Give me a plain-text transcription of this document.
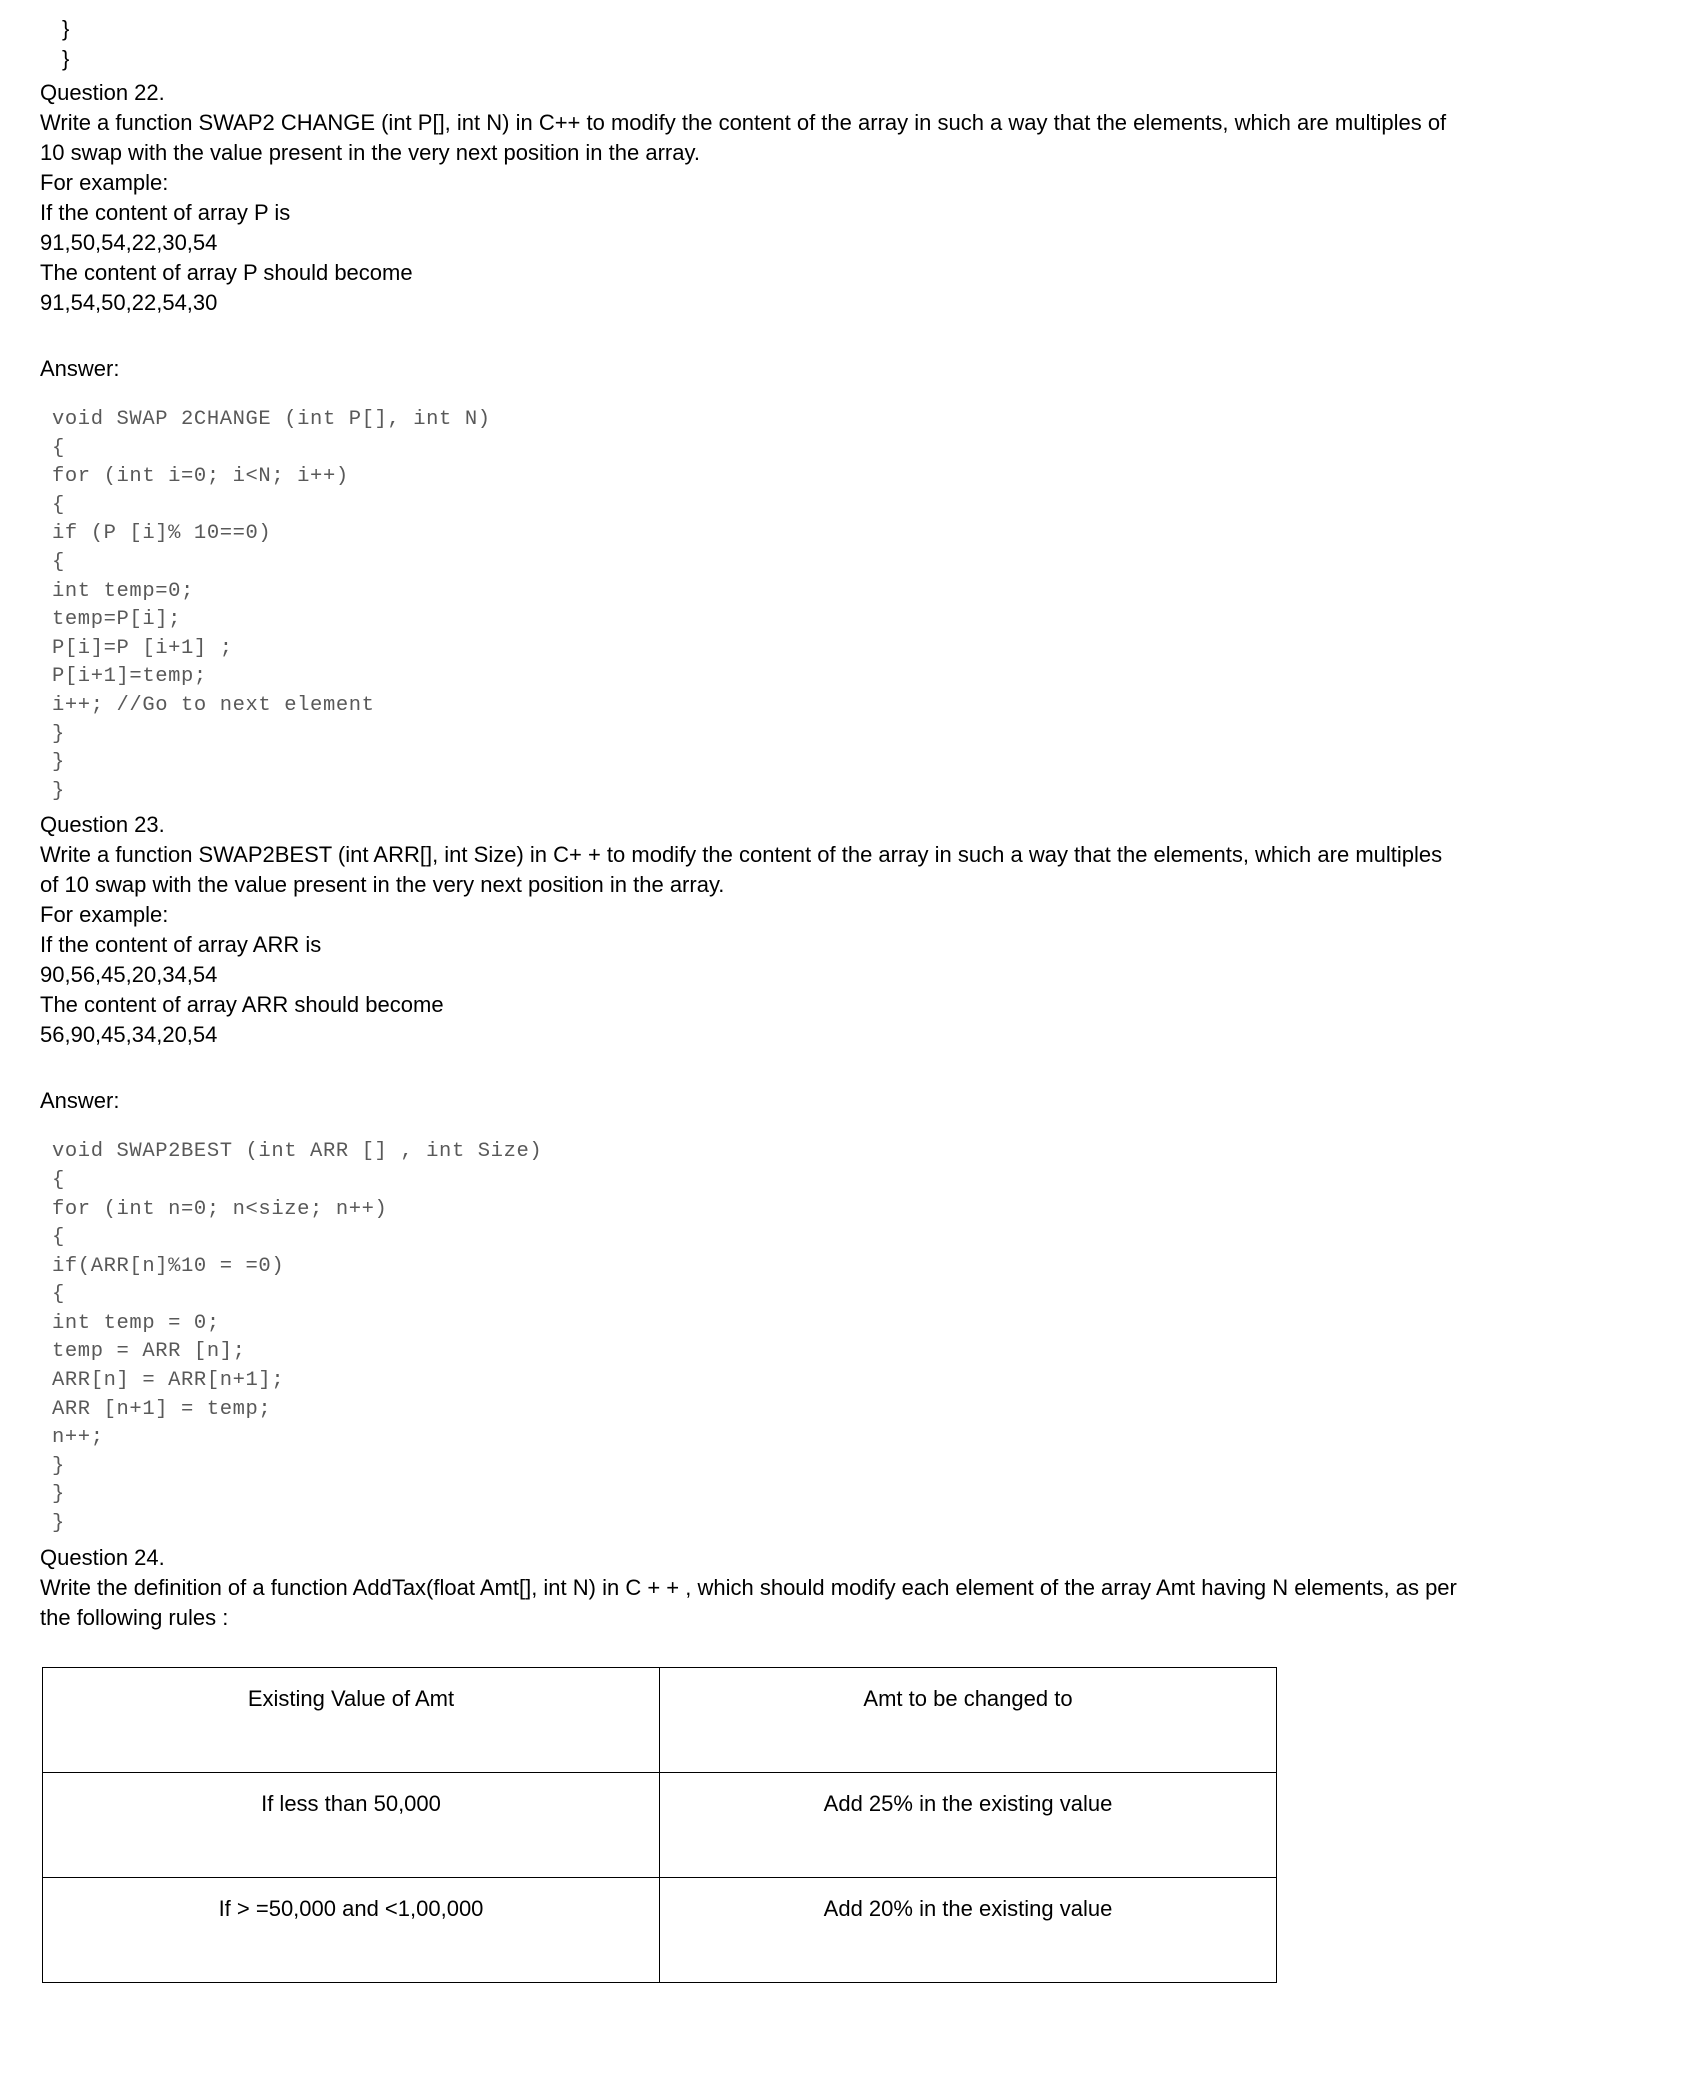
}
}
Question 22.
Write a function SWAP2 CHANGE (int P[], int N) in C++ to modify the content of the array in such a way that the elements, which are multiples of
10 swap with the value present in the very next position in the array.
For example:
If the content of array P is
91,50,54,22,30,54
The content of array P should become
91,54,50,22,54,30
Answer:
void SWAP 2CHANGE (int P[], int N)
{
for (int i=0; i<N; i++)
{
if (P [i]% 10==0)
{
int temp=0;
temp=P[i];
P[i]=P [i+1] ;
P[i+1]=temp;
i++; //Go to next element
}
}
}
Question 23.
Write a function SWAP2BEST (int ARR[], int Size) in C+ + to modify the content of the array in such a way that the elements, which are multiples
of 10 swap with the value present in the very next position in the array.
For example:
If the content of array ARR is
90,56,45,20,34,54
The content of array ARR should become
56,90,45,34,20,54
Answer:
void SWAP2BEST (int ARR [] , int Size)
{
for (int n=0; n<size; n++)
{
if(ARR[n]%10 = =0)
{
int temp = 0;
temp = ARR [n];
ARR[n] = ARR[n+1];
ARR [n+1] = temp;
n++;
}
}
}
Question 24.
Write the definition of a function AddTax(float Amt[], int N) in C + + , which should modify each element of the array Amt having N elements, as per
the following rules :
Existing Value of Amt	Amt to be changed to
If less than 50,000	Add 25% in the existing value
If > =50,000 and <1,00,000	Add 20% in the existing value
